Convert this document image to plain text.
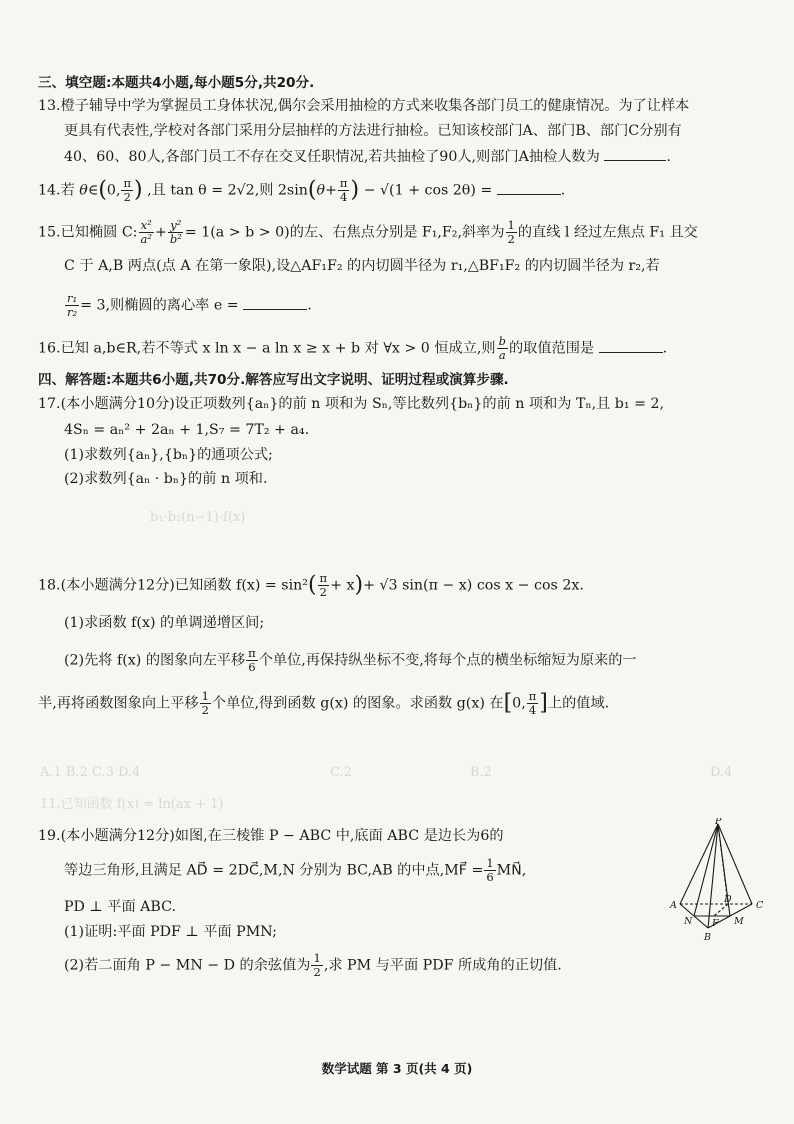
b₁·b₂(n−1)·f(x)
A.1 B.2 C.3 D.4
11.已知函数 f(x) = ln(ax + 1)
B.2	D.4
C.2
三、填空题:本题共4小题,每小题5分,共20分.
13.橙子辅导中学为掌握员工身体状况,偶尔会采用抽检的方式来收集各部门员工的健康情况。为了让样本
更具有代表性,学校对各部门采用分层抽样的方法进行抽检。已知该校部门A、部门B、部门C分别有
40、60、80人,各部门员工不存在交叉任职情况,若共抽检了90人,则部门A抽检人数为	.
14.若 θ∈(0, $\frac{\pi}{2}$ ) ,且 tan θ = 2√2,则 $2\sin(\theta+ \frac{\pi}{4}$ ) − √(1 + cos 2θ) =	.
15.已知椭圆 C: $\frac{\text{x²}}{\text{a²}} + \frac{\text{y²}}{\text{b²}} = 1(a > b > 0)$的左、右焦点分别是 F₁,F₂,斜率为 $\frac{1}{2}$ 的直线 l 经过左焦点 F₁ 且交
C 于 A,B 两点(点 A 在第一象限),设△AF₁F₂ 的内切圆半径为 r₁,△BF₁F₂ 的内切圆半径为 r₂,若
$\frac{\text{r₁}}{\text{r₂}} = 3$,则椭圆的离心率 e =	.
16.已知 a,b∈R,若不等式 x ln x − a ln x ≥ x + b 对 ∀x > 0 恒成立,则 $\frac{b}{a}$ 的取值范围是	.
四、解答题:本题共6小题,共70分.解答应写出文字说明、证明过程或演算步骤.
17.(本小题满分10分)设正项数列{aₙ}的前 n 项和为 Sₙ,等比数列{bₙ}的前 n 项和为 Tₙ,且 b₁ = 2,
4Sₙ = aₙ² + 2aₙ + 1,S₇ = 7T₂ + a₄.
(1)求数列{aₙ},{bₙ}的通项公式;
(2)求数列{aₙ · bₙ}的前 n 项和.
18.(本小题满分12分)已知函数 $f(x) = \sin^2( \frac{\pi}{2} + x)+ √3$ sin(π − x) cos x − cos 2x.
(1)求函数 f(x) 的单调递增区间;
(2)先将 f(x) 的图象向左平移 $\frac{\pi}{6}$ 个单位,再保持纵坐标不变,将每个点的横坐标缩短为原来的一
半,再将函数图象向上平移 $\frac{1}{2}$ 个单位,得到函数 g(x) 的图象。求函数 g(x) 在[0, $\frac{\pi}{4}$ ]上的值域.
19.(本小题满分12分)如图,在三棱锥 P − ABC 中,底面 ABC 是边长为6的
等边三角形,且满足 AD⃗ = 2DC⃗,M,N 分别为 BC,AB 的中点,MF⃗ = $\frac{1}{6}$ MN⃗,
PD ⊥ 平面 ABC.
(1)证明:平面 PDF ⊥ 平面 PMN;
(2)若二面角 P − MN − D 的余弦值为 $\frac{1}{2}$ ,求 PM 与平面 PDF 所成角的正切值.
P
A	C
B
N	M
D
F
数学试题 第 3 页(共 4 页)
